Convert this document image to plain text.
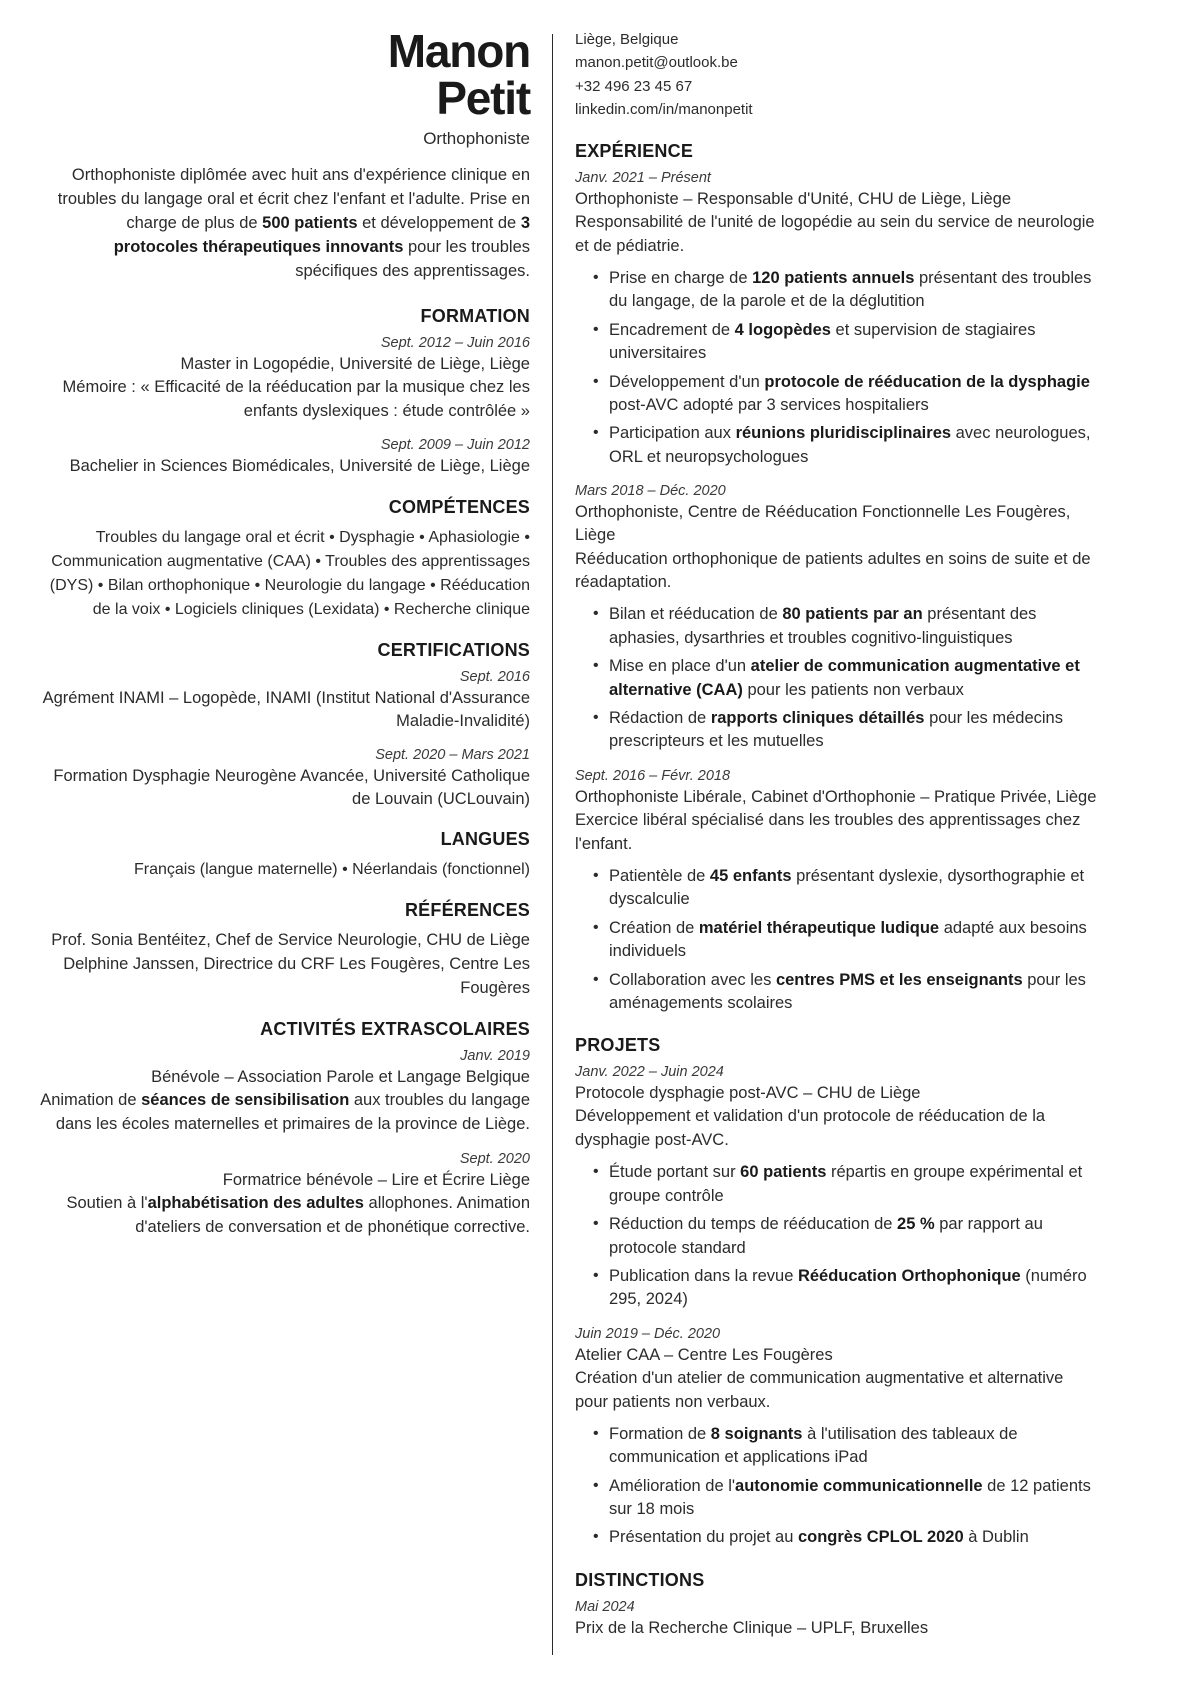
Manon
Petit
Orthophoniste
Orthophoniste diplômée avec huit ans d'expérience clinique en troubles du langage oral et écrit chez l'enfant et l'adulte. Prise en charge de plus de 500 patients et développement de 3 protocoles thérapeutiques innovants pour les troubles spécifiques des apprentissages.
FORMATION
Sept. 2012 – Juin 2016
Master in Logopédie, Université de Liège, Liège
Mémoire : « Efficacité de la rééducation par la musique chez les enfants dyslexiques : étude contrôlée »
Sept. 2009 – Juin 2012
Bachelier in Sciences Biomédicales, Université de Liège, Liège
COMPÉTENCES
Troubles du langage oral et écrit • Dysphagie • Aphasiologie • Communication augmentative (CAA) • Troubles des apprentissages (DYS) • Bilan orthophonique • Neurologie du langage • Rééducation de la voix • Logiciels cliniques (Lexidata) • Recherche clinique
CERTIFICATIONS
Sept. 2016
Agrément INAMI – Logopède, INAMI (Institut National d'Assurance Maladie-Invalidité)
Sept. 2020 – Mars 2021
Formation Dysphagie Neurogène Avancée, Université Catholique de Louvain (UCLouvain)
LANGUES
Français (langue maternelle) • Néerlandais (fonctionnel)
RÉFÉRENCES
Prof. Sonia Bentéitez, Chef de Service Neurologie, CHU de Liège
Delphine Janssen, Directrice du CRF Les Fougères, Centre Les Fougères
ACTIVITÉS EXTRASCOLAIRES
Janv. 2019
Bénévole – Association Parole et Langage Belgique
Animation de séances de sensibilisation aux troubles du langage dans les écoles maternelles et primaires de la province de Liège.
Sept. 2020
Formatrice bénévole – Lire et Écrire Liège
Soutien à l'alphabétisation des adultes allophones. Animation d'ateliers de conversation et de phonétique corrective.
Liège, Belgique
manon.petit@outlook.be
+32 496 23 45 67
linkedin.com/in/manonpetit
EXPÉRIENCE
Janv. 2021 – Présent
Orthophoniste – Responsable d'Unité, CHU de Liège, Liège
Responsabilité de l'unité de logopédie au sein du service de neurologie et de pédiatrie.
• Prise en charge de 120 patients annuels présentant des troubles du langage, de la parole et de la déglutition
• Encadrement de 4 logopèdes et supervision de stagiaires universitaires
• Développement d'un protocole de rééducation de la dysphagie post-AVC adopté par 3 services hospitaliers
• Participation aux réunions pluridisciplinaires avec neurologues, ORL et neuropsychologues
Mars 2018 – Déc. 2020
Orthophoniste, Centre de Rééducation Fonctionnelle Les Fougères, Liège
Rééducation orthophonique de patients adultes en soins de suite et de réadaptation.
• Bilan et rééducation de 80 patients par an présentant des aphasies, dysarthries et troubles cognitivo-linguistiques
• Mise en place d'un atelier de communication augmentative et alternative (CAA) pour les patients non verbaux
• Rédaction de rapports cliniques détaillés pour les médecins prescripteurs et les mutuelles
Sept. 2016 – Févr. 2018
Orthophoniste Libérale, Cabinet d'Orthophonie – Pratique Privée, Liège
Exercice libéral spécialisé dans les troubles des apprentissages chez l'enfant.
• Patientèle de 45 enfants présentant dyslexie, dysorthographie et dyscalculie
• Création de matériel thérapeutique ludique adapté aux besoins individuels
• Collaboration avec les centres PMS et les enseignants pour les aménagements scolaires
PROJETS
Janv. 2022 – Juin 2024
Protocole dysphagie post-AVC – CHU de Liège
Développement et validation d'un protocole de rééducation de la dysphagie post-AVC.
• Étude portant sur 60 patients répartis en groupe expérimental et groupe contrôle
• Réduction du temps de rééducation de 25 % par rapport au protocole standard
• Publication dans la revue Rééducation Orthophonique (numéro 295, 2024)
Juin 2019 – Déc. 2020
Atelier CAA – Centre Les Fougères
Création d'un atelier de communication augmentative et alternative pour patients non verbaux.
• Formation de 8 soignants à l'utilisation des tableaux de communication et applications iPad
• Amélioration de l'autonomie communicationnelle de 12 patients sur 18 mois
• Présentation du projet au congrès CPLOL 2020 à Dublin
DISTINCTIONS
Mai 2024
Prix de la Recherche Clinique – UPLF, Bruxelles
